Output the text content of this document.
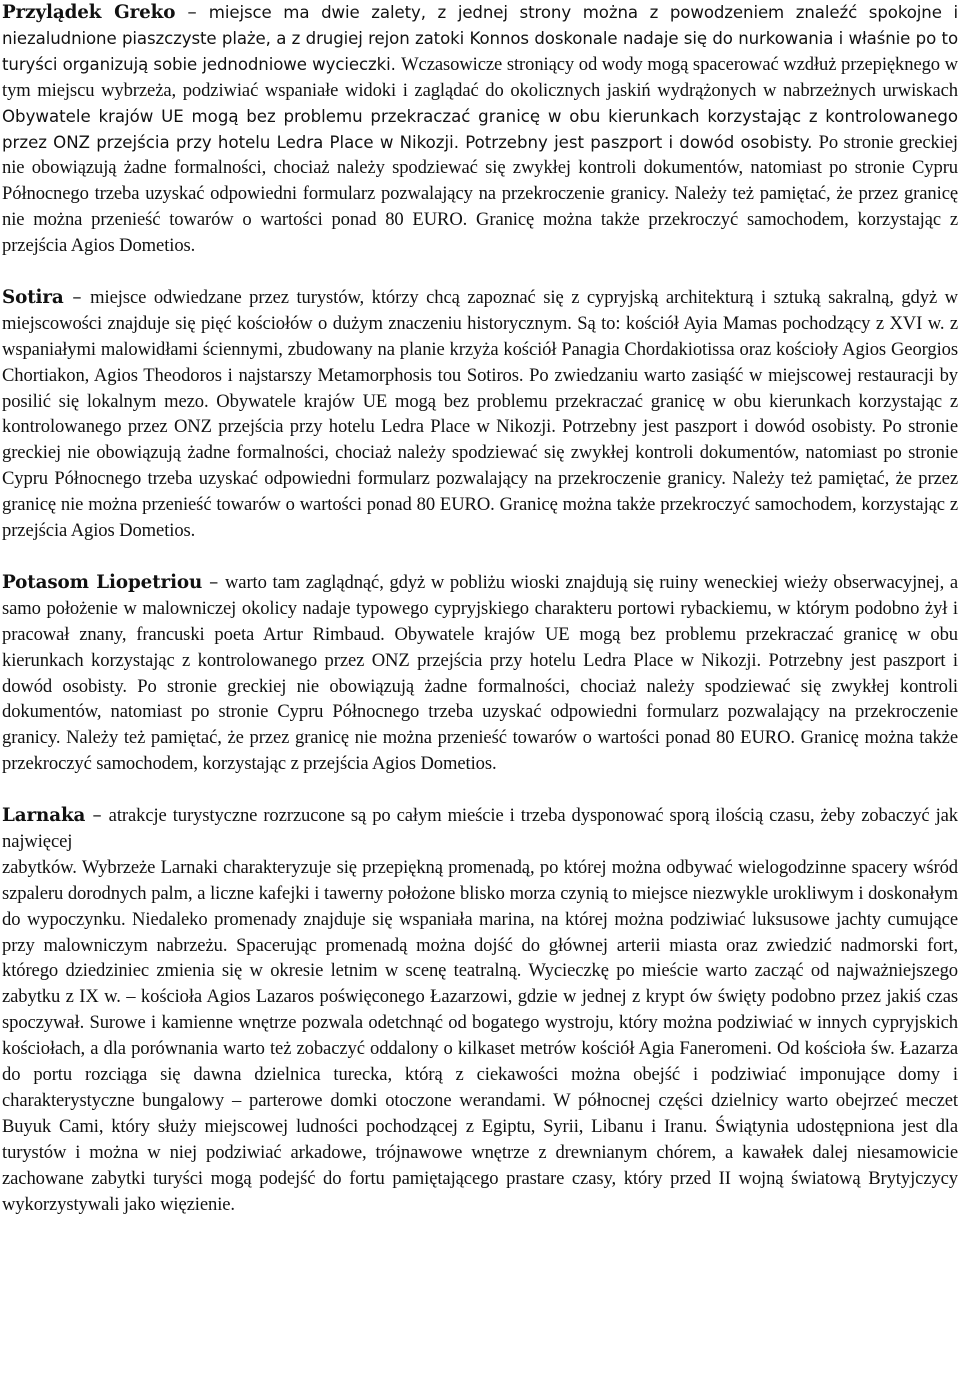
Przylądek Greko – miejsce ma dwie zalety, z jednej strony można z powodzeniem znaleźć spokojne i niezaludnione piaszczyste plaże, a z drugiej rejon zatoki Konnos doskonale nadaje się do nurkowania i właśnie po to turyści organizują sobie jednodniowe wycieczki. Wczasowicze stroniący od wody mogą spacerować wzdłuż przepięknego w tym miejscu wybrzeża, podziwiać wspaniałe widoki i zaglądać do okolicznych jaskiń wydrążonych w nabrzeżnych urwiskach Obywatele krajów UE mogą bez problemu przekraczać granicę w obu kierunkach korzystając z kontrolowanego przez ONZ przejścia przy hotelu Ledra Place w Nikozji. Potrzebny jest paszport i dowód osobisty. Po stronie greckiej nie obowiązują żadne formalności, chociaż należy spodziewać się zwykłej kontroli dokumentów, natomiast po stronie Cypru Północnego trzeba uzyskać odpowiedni formularz pozwalający na przekroczenie granicy. Należy też pamiętać, że przez granicę nie można przenieść towarów o wartości ponad 80 EURO. Granicę można także przekroczyć samochodem, korzystając z przejścia Agios Dometios.

Sotira – miejsce odwiedzane przez turystów, którzy chcą zapoznać się z cypryjską architekturą i sztuką sakralną, gdyż w miejscowości znajduje się pięć kościołów o dużym znaczeniu historycznym. Są to: kościół Ayia Mamas pochodzący z XVI w. z wspaniałymi malowidłami ściennymi, zbudowany na planie krzyża kościół Panagia Chordakiotissa oraz kościoły Agios Georgios Chortiakon, Agios Theodoros i najstarszy Metamorphosis tou Sotiros. Po zwiedzaniu warto zasiąść w miejscowej restauracji by posilić się lokalnym mezo. Obywatele krajów UE mogą bez problemu przekraczać granicę w obu kierunkach korzystając z kontrolowanego przez ONZ przejścia przy hotelu Ledra Place w Nikozji. Potrzebny jest paszport i dowód osobisty. Po stronie greckiej nie obowiązują żadne formalności, chociaż należy spodziewać się zwykłej kontroli dokumentów, natomiast po stronie Cypru Północnego trzeba uzyskać odpowiedni formularz pozwalający na przekroczenie granicy. Należy też pamiętać, że przez granicę nie można przenieść towarów o wartości ponad 80 EURO. Granicę można także przekroczyć samochodem, korzystając z przejścia Agios Dometios.

Potasom Liopetriou – warto tam zaglądnąć, gdyż w pobliżu wioski znajdują się ruiny weneckiej wieży obserwacyjnej, a samo położenie w malowniczej okolicy nadaje typowego cypryjskiego charakteru portowi rybackiemu, w którym podobno żył i pracował znany, francuski poeta Artur Rimbaud. Obywatele krajów UE mogą bez problemu przekraczać granicę w obu kierunkach korzystając z kontrolowanego przez ONZ przejścia przy hotelu Ledra Place w Nikozji. Potrzebny jest paszport i dowód osobisty. Po stronie greckiej nie obowiązują żadne formalności, chociaż należy spodziewać się zwykłej kontroli dokumentów, natomiast po stronie Cypru Północnego trzeba uzyskać odpowiedni formularz pozwalający na przekroczenie granicy. Należy też pamiętać, że przez granicę nie można przenieść towarów o wartości ponad 80 EURO. Granicę można także przekroczyć samochodem, korzystając z przejścia Agios Dometios.

Larnaka – atrakcje turystyczne rozrzucone są po całym mieście i trzeba dysponować sporą ilością czasu, żeby zobaczyć jak najwięcej
zabytków. Wybrzeże Larnaki charakteryzuje się przepiękną promenadą, po której można odbywać wielogodzinne spacery wśród szpaleru dorodnych palm, a liczne kafejki i tawerny położone blisko morza czynią to miejsce niezwykle urokliwym i doskonałym do wypoczynku. Niedaleko promenady znajduje się wspaniała marina, na której można podziwiać luksusowe jachty cumujące przy malowniczym nabrzeżu. Spacerując promenadą można dojść do głównej arterii miasta oraz zwiedzić nadmorski fort, którego dziedziniec zmienia się w okresie letnim w scenę teatralną. Wycieczkę po mieście warto zacząć od najważniejszego zabytku z IX w. – kościoła Agios Lazaros poświęconego Łazarzowi, gdzie w jednej z krypt ów święty podobno przez jakiś czas spoczywał. Surowe i kamienne wnętrze pozwala odetchnąć od bogatego wystroju, który można podziwiać w innych cypryjskich kościołach, a dla porównania warto też zobaczyć oddalony o kilkaset metrów kościół Agia Faneromeni. Od kościoła św. Łazarza do portu rozciąga się dawna dzielnica turecka, którą z ciekawości można obejść i podziwiać imponujące domy i charakterystyczne bungalowy – parterowe domki otoczone werandami. W północnej części dzielnicy warto obejrzeć meczet Buyuk Cami, który służy miejscowej ludności pochodzącej z Egiptu, Syrii, Libanu i Iranu. Świątynia udostępniona jest dla turystów i można w niej podziwiać arkadowe, trójnawowe wnętrze z drewnianym chórem, a kawałek dalej niesamowicie zachowane zabytki turyści mogą podejść do fortu pamiętającego prastare czasy, który przed II wojną światową Brytyjczycy wykorzystywali jako więzienie.
